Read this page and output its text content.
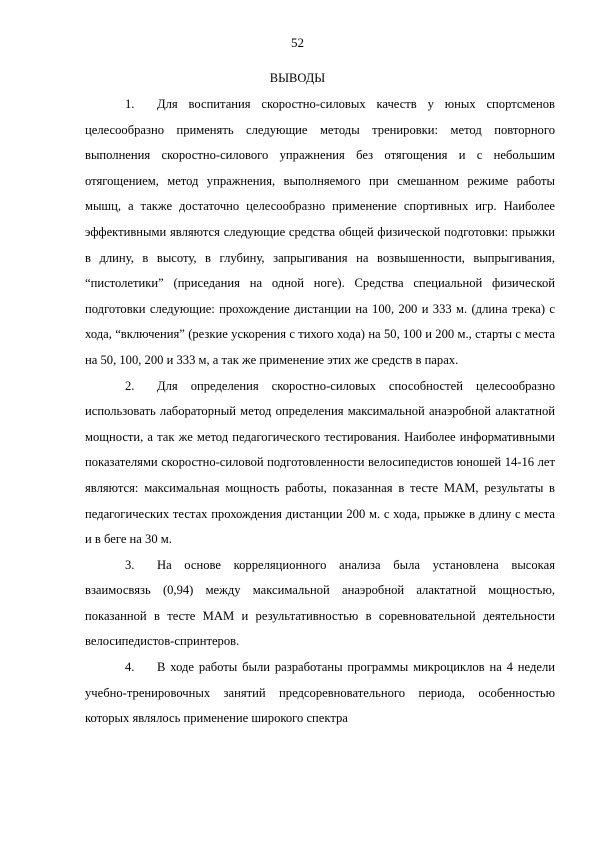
52
ВЫВОДЫ

1. Для воспитания скоростно-силовых качеств у юных спортсменов целесообразно применять следующие методы тренировки: метод повторного выполнения скоростно-силового упражнения без отягощения и с небольшим отягощением, метод упражнения, выполняемого при смешанном режиме работы мышц, а также достаточно целесообразно применение спортивных игр. Наиболее эффективными являются следующие средства общей физической подготовки: прыжки в длину, в высоту, в глубину, запрыгивания на возвышенности, выпрыгивания, “пистолетики” (приседания на одной ноге). Средства специальной физической подготовки следующие: прохождение дистанции на 100, 200 и 333 м. (длина трека) с хода, “включения” (резкие ускорения с тихого хода) на 50, 100 и 200 м., старты с места на 50, 100, 200 и 333 м, а так же применение этих же средств в парах.

2. Для определения скоростно-силовых способностей целесообразно использовать лабораторный метод определения максимальной анаэробной алактатной мощности, а так же метод педагогического тестирования. Наиболее информативными показателями скоростно-силовой подготовленности велосипедистов юношей 14-16 лет являются: максимальная мощность работы, показанная в тесте МАМ, результаты в педагогических тестах прохождения дистанции 200 м. с хода, прыжке в длину с места и в беге на 30 м.

3. На основе корреляционного анализа была установлена высокая взаимосвязь (0,94) между максимальной анаэробной алактатной мощностью, показанной в тесте МАМ и результативностью в соревновательной деятельности велосипедистов-спринтеров.

4. В ходе работы были разработаны программы микроциклов на 4 недели учебно-тренировочных занятий предсоревновательного периода, особенностью которых являлось применение широкого спектра
